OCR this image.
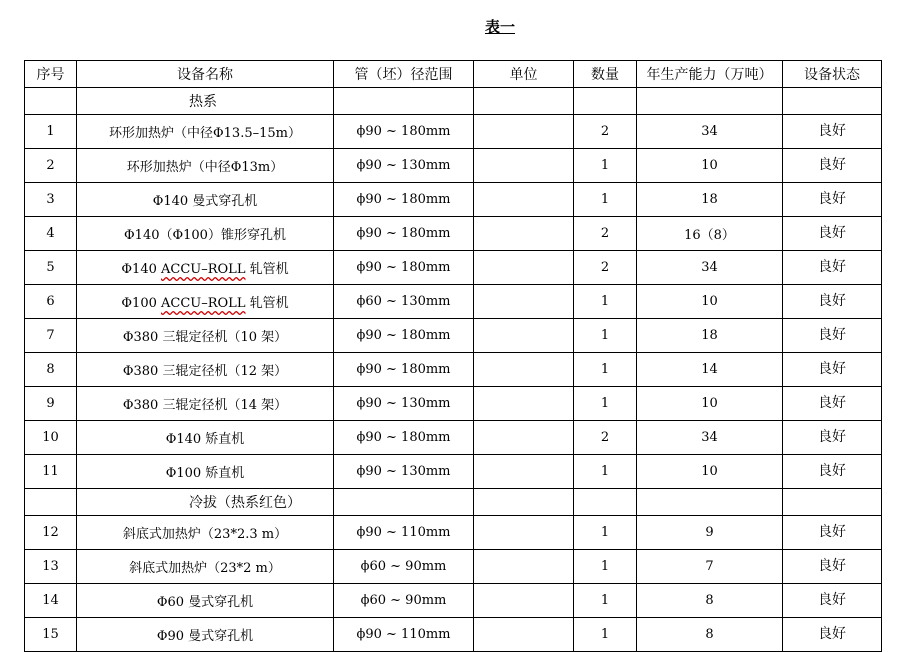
表一
序号	设备名称	管（坯）径范围	单位	数量	年生产能力（万吨）	设备状态
	热系					
1	环形加热炉（中径Φ13.5–15m）	ϕ90 ~ 180mm		2	34	良好
2	环形加热炉（中径Φ13m）	ϕ90 ~ 130mm		1	10	良好
3	Φ140 曼式穿孔机	ϕ90 ~ 180mm		1	18	良好
4	Φ140（Φ100）锥形穿孔机	ϕ90 ~ 180mm		2	16（8）	良好
5	Φ140 ACCU–ROLL 轧管机	ϕ90 ~ 180mm		2	34	良好
6	Φ100 ACCU–ROLL 轧管机	ϕ60 ~ 130mm		1	10	良好
7	Φ380 三辊定径机（10 架）	ϕ90 ~ 180mm		1	18	良好
8	Φ380 三辊定径机（12 架）	ϕ90 ~ 180mm		1	14	良好
9	Φ380 三辊定径机（14 架）	ϕ90 ~ 130mm		1	10	良好
10	Φ140 矫直机	ϕ90 ~ 180mm		2	34	良好
11	Φ100 矫直机	ϕ90 ~ 130mm		1	10	良好
	冷拔（热系红色）					
12	斜底式加热炉（23*2.3 m）	ϕ90 ~ 110mm		1	9	良好
13	斜底式加热炉（23*2 m）	ϕ60 ~ 90mm		1	7	良好
14	Φ60 曼式穿孔机	ϕ60 ~ 90mm		1	8	良好
15	Φ90 曼式穿孔机	ϕ90 ~ 110mm		1	8	良好
